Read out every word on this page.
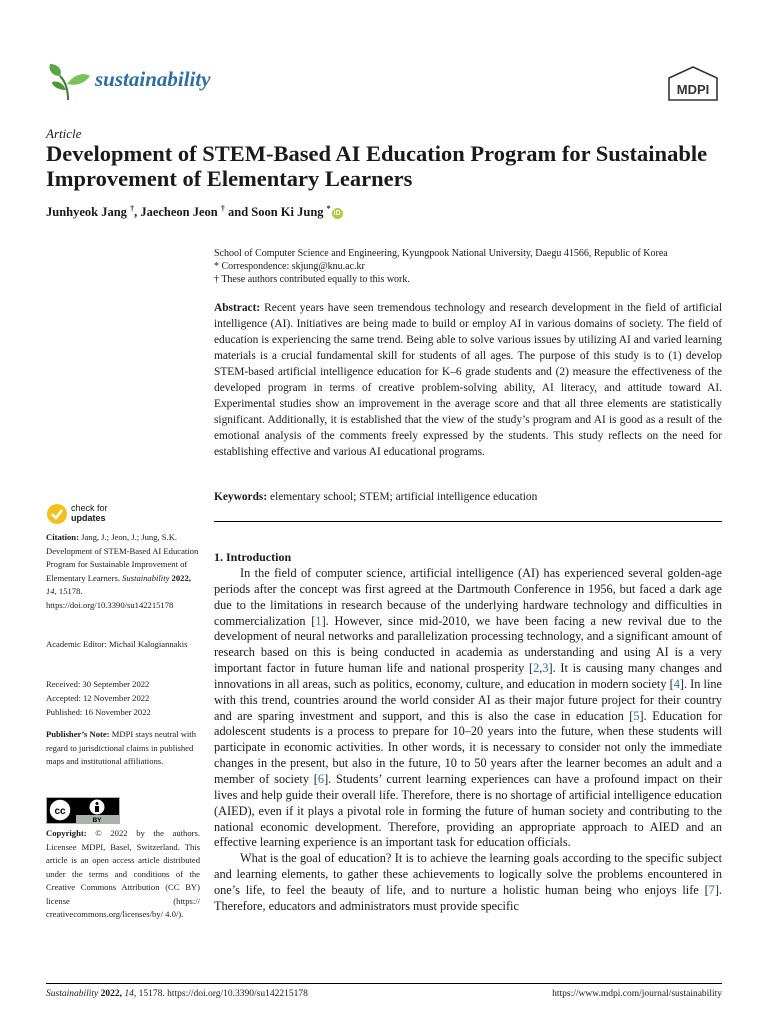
sustainability	MDPI
Article
Development of STEM-Based AI Education Program for Sustainable Improvement of Elementary Learners
Junhyeok Jang †, Jaecheon Jeon † and Soon Ki Jung *iD
School of Computer Science and Engineering, Kyungpook National University, Daegu 41566, Republic of Korea
* Correspondence: skjung@knu.ac.kr
† These authors contributed equally to this work.
Abstract: Recent years have seen tremendous technology and research development in the field of artificial intelligence (AI). Initiatives are being made to build or employ AI in various domains of society. The field of education is experiencing the same trend. Being able to solve various issues by utilizing AI and varied learning materials is a crucial fundamental skill for students of all ages. The purpose of this study is to (1) develop STEM-based artificial intelligence education for K–6 grade students and (2) measure the effectiveness of the developed program in terms of creative problem-solving ability, AI literacy, and attitude toward AI. Experimental studies show an improvement in the average score and that all three elements are statistically significant. Additionally, it is established that the view of the study’s program and AI is good as a result of the emotional analysis of the comments freely expressed by the students. This study reflects on the need for establishing effective and various AI educational programs.
Keywords: elementary school; STEM; artificial intelligence education
check for
updates
Citation: Jang, J.; Jeon, J.; Jung, S.K. Development of STEM-Based AI Education Program for Sustainable Improvement of Elementary Learners. Sustainability 2022, 14, 15178. https://doi.org/10.3390/su142215178
Academic Editor: Michail Kalogiannakis
Received: 30 September 2022
Accepted: 12 November 2022
Published: 16 November 2022
Publisher’s Note: MDPI stays neutral with regard to jurisdictional claims in published maps and institutional affiliations.
cc
BY
Copyright: © 2022 by the authors. Licensee MDPI, Basel, Switzerland. This article is an open access article distributed under the terms and conditions of the Creative Commons Attribution (CC BY) license (https:// creativecommons.org/licenses/by/ 4.0/).
1. Introduction

In the field of computer science, artificial intelligence (AI) has experienced several golden-age periods after the concept was first agreed at the Dartmouth Conference in 1956, but faced a dark age due to the limitations in research because of the underlying hardware technology and difficulties in commercialization [1]. However, since mid-2010, we have been facing a new revival due to the development of neural networks and parallelization processing technology, and a significant amount of research based on this is being conducted in academia as understanding and using AI is a very important factor in future human life and national prosperity [2,3]. It is causing many changes and innovations in all areas, such as politics, economy, culture, and education in modern society [4]. In line with this trend, countries around the world consider AI as their major future project for their country and are sparing investment and support, and this is also the case in education [5]. Education for adolescent students is a process to prepare for 10–20 years into the future, when these students will participate in economic activities. In other words, it is necessary to consider not only the immediate changes in the present, but also in the future, 10 to 50 years after the learner becomes an adult and a member of society [6]. Students’ current learning experiences can have a profound impact on their lives and help guide their overall life. Therefore, there is no shortage of artificial intelligence education (AIED), even if it plays a pivotal role in forming the future of human society and contributing to the national economic development. Therefore, providing an appropriate approach to AIED and an effective learning experience is an important task for education officials.

What is the goal of education? It is to achieve the learning goals according to the specific subject and learning elements, to gather these achievements to logically solve the problems encountered in one’s life, to feel the beauty of life, and to nurture a holistic human being who enjoys life [7]. Therefore, educators and administrators must provide specific

Sustainability 2022, 14, 15178. https://doi.org/10.3390/su142215178	https://www.mdpi.com/journal/sustainability
